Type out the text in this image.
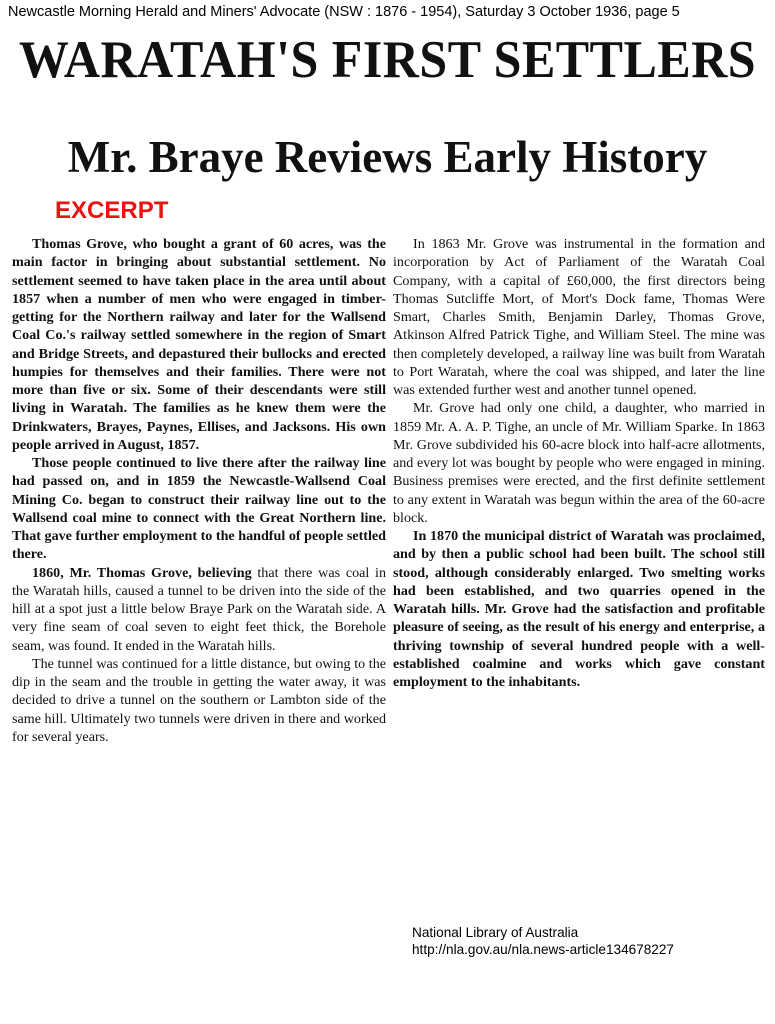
Newcastle Morning Herald and Miners' Advocate (NSW : 1876 - 1954), Saturday 3 October 1936, page 5
WARATAH'S FIRST SETTLERS
Mr. Braye Reviews Early History
EXCERPT

Thomas Grove, who bought a grant of 60 acres, was the main factor in bringing about substantial settlement. No settlement seemed to have taken place in the area until about 1857 when a number of men who were engaged in timber-getting for the Northern railway and later for the Wallsend Coal Co.'s railway settled somewhere in the region of Smart and Bridge Streets, and depastured their bullocks and erected humpies for themselves and their families. There were not more than five or six. Some of their descendants were still living in Waratah. The families as he knew them were the Drinkwaters, Brayes, Paynes, Ellises, and Jacksons. His own people arrived in August, 1857.

Those people continued to live there after the railway line had passed on, and in 1859 the Newcastle-Wallsend Coal Mining Co. began to construct their railway line out to the Wallsend coal mine to connect with the Great Northern line. That gave further employment to the handful of people settled there.

1860, Mr. Thomas Grove, believing that there was coal in the Waratah hills, caused a tunnel to be driven into the side of the hill at a spot just a little below Braye Park on the Waratah side. A very fine seam of coal seven to eight feet thick, the Borehole seam, was found. It ended in the Waratah hills.

The tunnel was continued for a little distance, but owing to the dip in the seam and the trouble in getting the water away, it was decided to drive a tunnel on the southern or Lambton side of the same hill. Ultimately two tunnels were driven in there and worked for several years.

In 1863 Mr. Grove was instrumental in the formation and incorporation by Act of Parliament of the Waratah Coal Company, with a capital of £60,000, the first directors being Thomas Sutcliffe Mort, of Mort's Dock fame, Thomas Were Smart, Charles Smith, Benjamin Darley, Thomas Grove, Atkinson Alfred Patrick Tighe, and William Steel. The mine was then completely developed, a railway line was built from Waratah to Port Waratah, where the coal was shipped, and later the line was extended further west and another tunnel opened.

Mr. Grove had only one child, a daughter, who married in 1859 Mr. A. A. P. Tighe, an uncle of Mr. William Sparke. In 1863 Mr. Grove subdivided his 60-acre block into half-acre allotments, and every lot was bought by people who were engaged in mining. Business premises were erected, and the first definite settlement to any extent in Waratah was begun within the area of the 60-acre block.

In 1870 the municipal district of Waratah was proclaimed, and by then a public school had been built. The school still stood, although considerably enlarged. Two smelting works had been established, and two quarries opened in the Waratah hills. Mr. Grove had the satisfaction and profitable pleasure of seeing, as the result of his energy and enterprise, a thriving township of several hundred people with a well-established coalmine and works which gave constant employment to the inhabitants.

National Library of Australia
http://nla.gov.au/nla.news-article134678227
